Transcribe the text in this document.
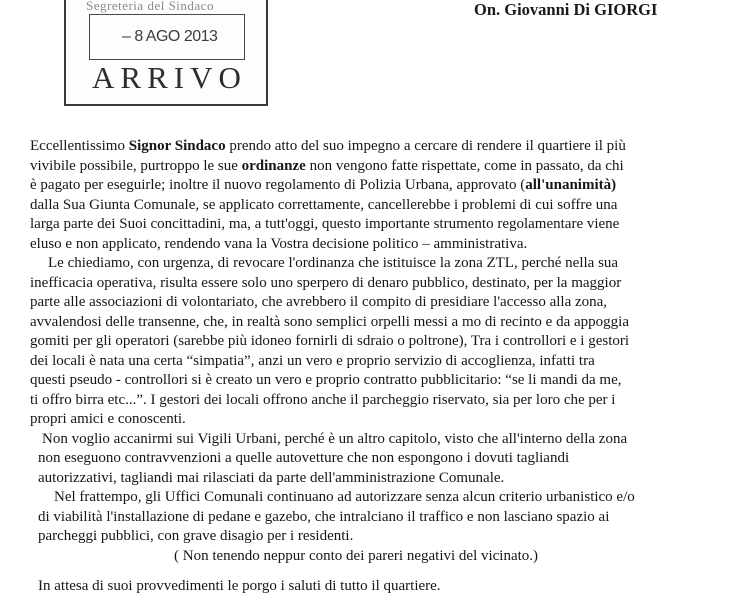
Segreteria del Sindaco
– 8 AGO 2013
ARRIVO
On. Giovanni Di GIORGI
Eccellentissimo Signor Sindaco prendo atto del suo impegno a cercare di rendere il quartiere il più
vivibile possibile, purtroppo le sue ordinanze non vengono fatte rispettate, come in passato, da chi
è pagato per eseguirle; inoltre il nuovo regolamento di Polizia Urbana, approvato (all'unanimità)
dalla Sua Giunta Comunale, se applicato correttamente, cancellerebbe i problemi di cui soffre una
larga parte dei Suoi concittadini, ma, a tutt'oggi, questo importante strumento regolamentare viene
eluso e non applicato, rendendo vana la Vostra decisione politico – amministrativa.
Le chiediamo, con urgenza, di revocare l'ordinanza che istituisce la zona ZTL, perché nella sua
inefficacia operativa, risulta essere solo uno sperpero di denaro pubblico, destinato, per la maggior
parte alle associazioni di volontariato, che avrebbero il compito di presidiare l'accesso alla zona,
avvalendosi delle transenne, che, in realtà sono semplici orpelli messi a mo di recinto e da appoggia
gomiti per gli operatori (sarebbe più idoneo fornirli di sdraio o poltrone), Tra i controllori e i gestori
dei locali è nata una certa “simpatia”, anzi un vero e proprio servizio di accoglienza, infatti tra
questi pseudo - controllori si è creato un vero e proprio contratto pubblicitario: “se li mandi da me,
ti offro birra etc...”. I gestori dei locali offrono anche il parcheggio riservato, sia per loro che per i
propri amici e conoscenti.
Non voglio accanirmi sui Vigili Urbani, perché è un altro capitolo, visto che all'interno della zona
non eseguono contravvenzioni a quelle autovetture che non espongono i dovuti tagliandi
autorizzativi, tagliandi mai rilasciati da parte dell'amministrazione Comunale.
Nel frattempo, gli Uffici Comunali continuano ad autorizzare senza alcun criterio urbanistico e/o
di viabilità l'installazione di pedane e gazebo, che intralciano il traffico e non lasciano spazio ai
parcheggi pubblici, con grave disagio per i residenti.
( Non tenendo neppur conto dei pareri negativi del vicinato.)
In attesa di suoi provvedimenti le porgo i saluti di tutto il quartiere.
